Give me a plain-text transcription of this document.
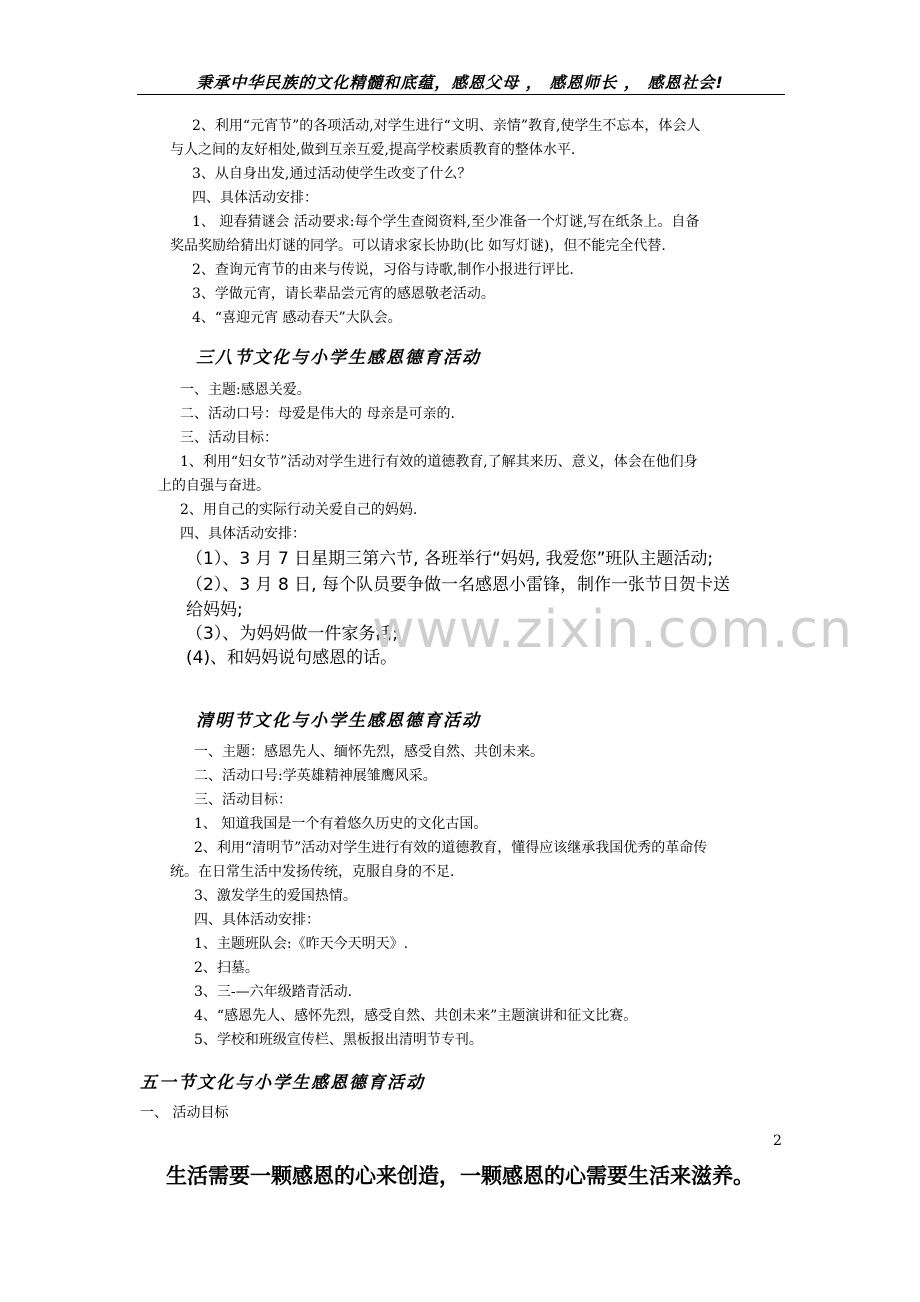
秉承中华民族的文化精髓和底蕴，感恩父母 ， 感恩师长 ， 感恩社会!
2、利用“元宵节”的各项活动,对学生进行“文明、亲情”教育,使学生不忘本，体会人
与人之间的友好相处,做到互亲互爱,提高学校素质教育的整体水平.
3、从自身出发,通过活动使学生改变了什么？
四、具体活动安排：
1、 迎春猜谜会 活动要求:每个学生查阅资料,至少准备一个灯谜,写在纸条上。自备
奖品奖励给猜出灯谜的同学。可以请求家长协助(比 如写灯谜)，但不能完全代替.
2、查询元宵节的由来与传说，习俗与诗歌,制作小报进行评比.
3、学做元宵，请长辈品尝元宵的感恩敬老活动。
4、“喜迎元宵 感动春天”大队会。
三八节文化与小学生感恩德育活动
一、主题:感恩关爱。
二、活动口号：母爱是伟大的 母亲是可亲的.
三、活动目标：
1、利用“妇女节”活动对学生进行有效的道德教育,了解其来历、意义，体会在他们身
上的自强与奋进。
2、用自己的实际行动关爱自己的妈妈.
四、具体活动安排：
（1）、3 月 7 日星期三第六节, 各班举行“妈妈, 我爱您”班队主题活动;
（2）、3 月 8 日, 每个队员要争做一名感恩小雷锋，制作一张节日贺卡送
给妈妈;
（3）、为妈妈做一件家务活;
(4)、和妈妈说句感恩的话。
清明节文化与小学生感恩德育活动
一、主题：感恩先人、缅怀先烈，感受自然、共创未来。
二、活动口号:学英雄精神展雏鹰风采。
三、活动目标：
1、 知道我国是一个有着悠久历史的文化古国。
2、利用“清明节”活动对学生进行有效的道德教育，懂得应该继承我国优秀的革命传
统。在日常生活中发扬传统，克服自身的不足.
3、激发学生的爱国热情。
四、具体活动安排：
1、主题班队会:《昨天今天明天》.
2、扫墓。
3、三-—六年级踏青活动.
4、“感恩先人、感怀先烈，感受自然、共创未来”主题演讲和征文比赛。
5、学校和班级宣传栏、黑板报出清明节专刊。
五一节文化与小学生感恩德育活动
一、 活动目标
2
生活需要一颗感恩的心来创造，一颗感恩的心需要生活来滋养。
www.zixin.com.cn
